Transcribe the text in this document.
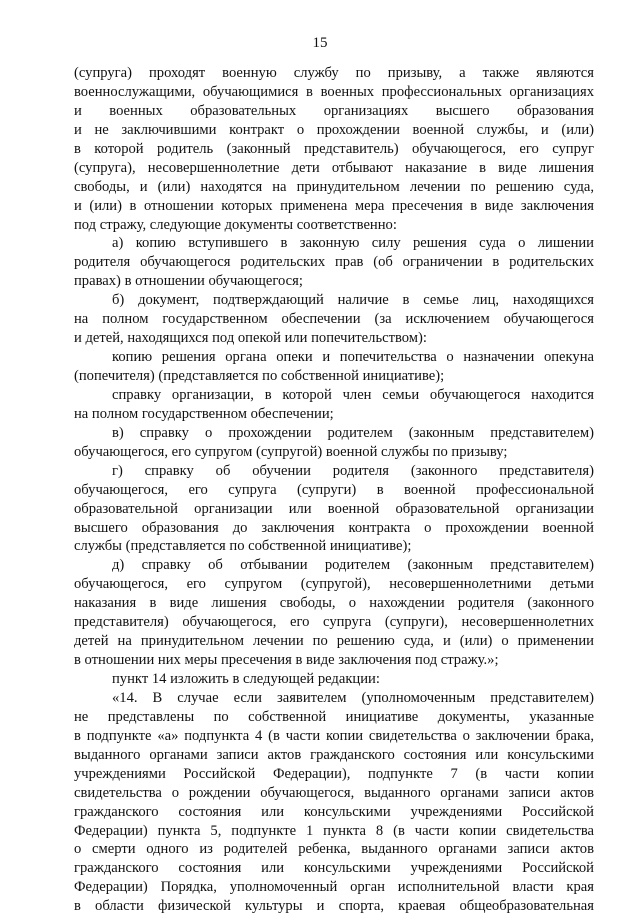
15
(супруга) проходят военную службу по призыву, а также являются
военнослужащими, обучающимися в военных профессиональных организациях
и военных образовательных организациях высшего образования
и не заключившими контракт о прохождении военной службы, и (или)
в которой родитель (законный представитель) обучающегося, его супруг
(супруга), несовершеннолетние дети отбывают наказание в виде лишения
свободы, и (или) находятся на принудительном лечении по решению суда,
и (или) в отношении которых применена мера пресечения в виде заключения
под стражу, следующие документы соответственно:
а) копию вступившего в законную силу решения суда о лишении
родителя обучающегося родительских прав (об ограничении в родительских
правах) в отношении обучающегося;
б) документ, подтверждающий наличие в семье лиц, находящихся
на полном государственном обеспечении (за исключением обучающегося
и детей, находящихся под опекой или попечительством):
копию решения органа опеки и попечительства о назначении опекуна
(попечителя) (представляется по собственной инициативе);
справку организации, в которой член семьи обучающегося находится
на полном государственном обеспечении;
в) справку о прохождении родителем (законным представителем)
обучающегося, его супругом (супругой) военной службы по призыву;
г) справку об обучении родителя (законного представителя)
обучающегося, его супруга (супруги) в военной профессиональной
образовательной организации или военной образовательной организации
высшего образования до заключения контракта о прохождении военной
службы (представляется по собственной инициативе);
д) справку об отбывании родителем (законным представителем)
обучающегося, его супругом (супругой), несовершеннолетними детьми
наказания в виде лишения свободы, о нахождении родителя (законного
представителя) обучающегося, его супруга (супруги), несовершеннолетних
детей на принудительном лечении по решению суда, и (или) о применении
в отношении них меры пресечения в виде заключения под стражу.»;
пункт 14 изложить в следующей редакции:
«14. В случае если заявителем (уполномоченным представителем)
не представлены по собственной инициативе документы, указанные
в подпункте «а» подпункта 4 (в части копии свидетельства о заключении брака,
выданного органами записи актов гражданского состояния или консульскими
учреждениями Российской Федерации), подпункте 7 (в части копии
свидетельства о рождении обучающегося, выданного органами записи актов
гражданского состояния или консульскими учреждениями Российской
Федерации) пункта 5, подпункте 1 пункта 8 (в части копии свидетельства
о смерти одного из родителей ребенка, выданного органами записи актов
гражданского состояния или консульскими учреждениями Российской
Федерации) Порядка, уполномоченный орган исполнительной власти края
в области физической культуры и спорта, краевая общеобразовательная
